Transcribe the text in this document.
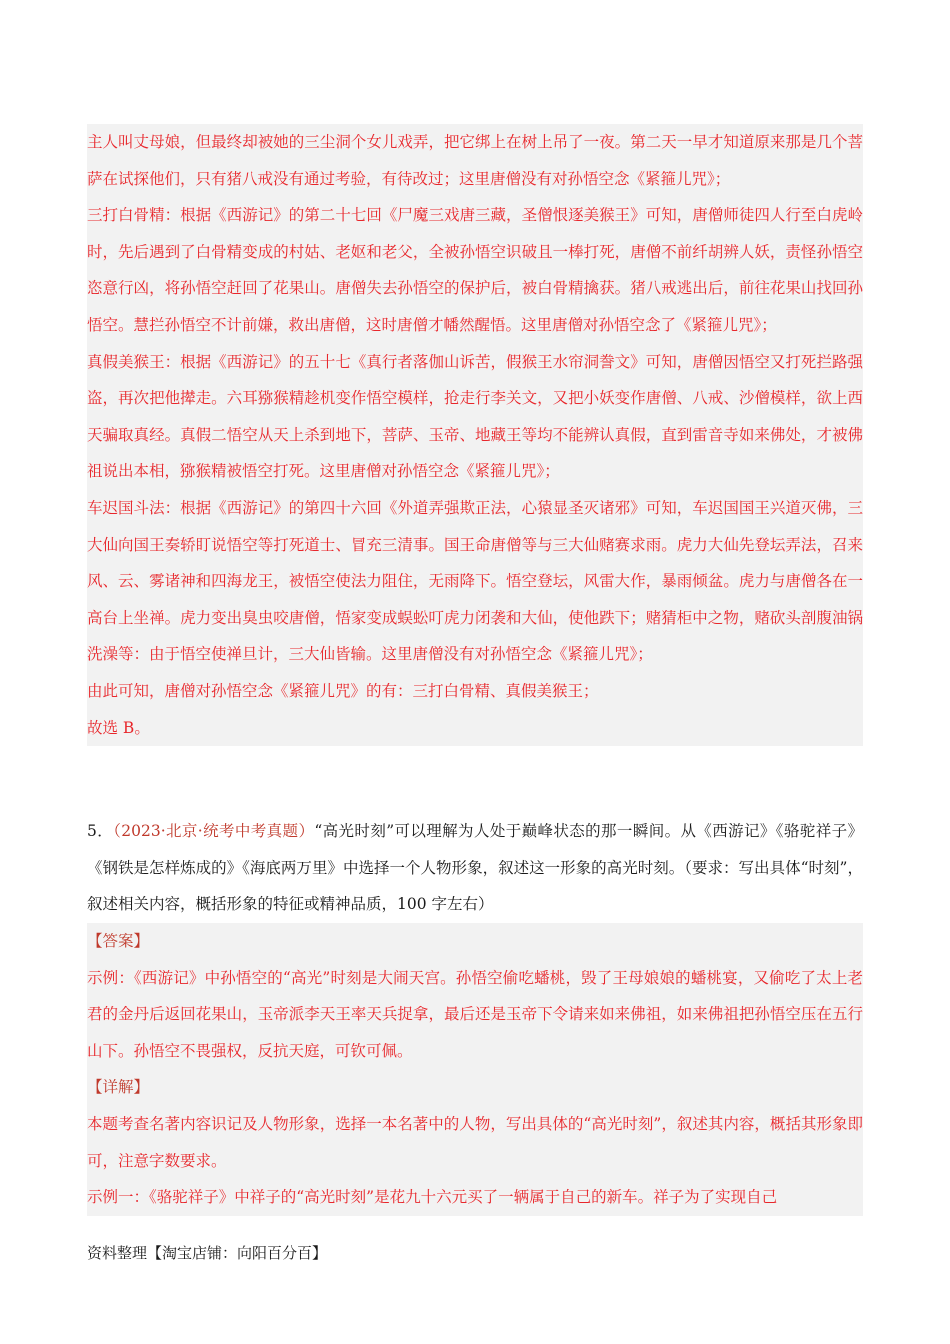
主人叫丈母娘，但最终却被她的三尘洞个女儿戏弄，把它绑上在树上吊了一夜。第二天一早才知道原来那是几个菩萨在试探他们，只有猪八戒没有通过考验，有待改过；这里唐僧没有对孙悟空念《紧箍儿咒》；

三打白骨精：根据《西游记》的第二十七回《尸魔三戏唐三藏，圣僧恨逐美猴王》可知，唐僧师徒四人行至白虎岭时，先后遇到了白骨精变成的村姑、老妪和老父，全被孙悟空识破且一棒打死，唐僧不前纤胡辨人妖，责怪孙悟空恣意行凶，将孙悟空赶回了花果山。唐僧失去孙悟空的保护后，被白骨精擒获。猪八戒逃出后，前往花果山找回孙悟空。慧拦孙悟空不计前嫌，救出唐僧，这时唐僧才幡然醒悟。这里唐僧对孙悟空念了《紧箍儿咒》；

真假美猴王：根据《西游记》的五十七《真行者落伽山诉苦，假猴王水帘洞誊文》可知，唐僧因悟空又打死拦路强盗，再次把他撵走。六耳猕猴精趁机变作悟空模样，抢走行李关文，又把小妖变作唐僧、八戒、沙僧模样，欲上西天骗取真经。真假二悟空从天上杀到地下，菩萨、玉帝、地藏王等均不能辨认真假，直到雷音寺如来佛处，才被佛祖说出本相，猕猴精被悟空打死。这里唐僧对孙悟空念《紧箍儿咒》；

车迟国斗法：根据《西游记》的第四十六回《外道弄强欺正法，心猿显圣灭诸邪》可知，车迟国国王兴道灭佛，三大仙向国王奏轿盯说悟空等打死道士、冒充三清事。国王命唐僧等与三大仙赌赛求雨。虎力大仙先登坛弄法，召来风、云、雾诸神和四海龙王，被悟空使法力阻住，无雨降下。悟空登坛，风雷大作，暴雨倾盆。虎力与唐僧各在一高台上坐禅。虎力变出臭虫咬唐僧，悟家变成蜈蚣叮虎力闭袭和大仙，使他跌下；赌猜柜中之物，赌砍头剖腹油锅洗澡等：由于悟空使禅旦计，三大仙皆输。这里唐僧没有对孙悟空念《紧箍儿咒》；

由此可知，唐僧对孙悟空念《紧箍儿咒》的有：三打白骨精、真假美猴王；

故选 B。

5．（2023·北京·统考中考真题）“高光时刻”可以理解为人处于巅峰状态的那一瞬间。从《西游记》《骆驼祥子》《钢铁是怎样炼成的》《海底两万里》中选择一个人物形象，叙述这一形象的高光时刻。（要求：写出具体“时刻”，叙述相关内容，概括形象的特征或精神品质，100 字左右）

【答案】

示例：《西游记》中孙悟空的“高光”时刻是大闹天宫。孙悟空偷吃蟠桃，毁了王母娘娘的蟠桃宴，又偷吃了太上老君的金丹后返回花果山，玉帝派李天王率天兵捉拿，最后还是玉帝下令请来如来佛祖，如来佛祖把孙悟空压在五行山下。孙悟空不畏强权，反抗天庭，可钦可佩。

【详解】

本题考查名著内容识记及人物形象，选择一本名著中的人物，写出具体的“高光时刻”，叙述其内容，概括其形象即可，注意字数要求。

示例一：《骆驼祥子》中祥子的“高光时刻”是花九十六元买了一辆属于自己的新车。祥子为了实现自己

资料整理【淘宝店铺：向阳百分百】
